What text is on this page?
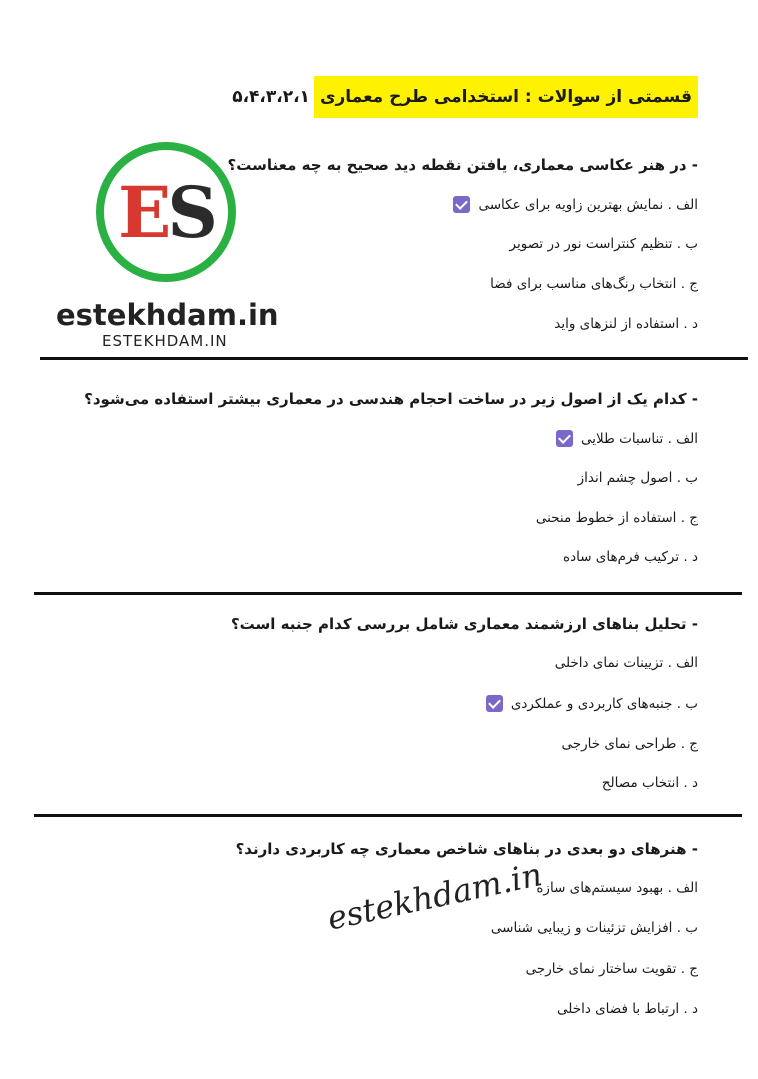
قسمتی از سوالات : استخدامی طرح معماری
۵،۴،۳،۲،۱
E S
estekhdam.in
ESTEKHDAM.IN
- در هنر عکاسی معماری، یافتن نقطه دید صحیح به چه معناست؟
الف . نمایش بهترین زاویه برای عکاسی
ب . تنظیم کنتراست نور در تصویر
ج . انتخاب رنگ‌های مناسب برای فضا
د . استفاده از لنزهای واید
- کدام یک از اصول زیر در ساخت احجام هندسی در معماری بیشتر استفاده می‌شود؟
الف . تناسبات طلایی
ب . اصول چشم انداز
ج . استفاده از خطوط منحنی
د . ترکیب فرم‌های ساده
- تحلیل بناهای ارزشمند معماری شامل بررسی کدام جنبه است؟
الف . تزیینات نمای داخلی
ب . جنبه‌های کاربردی و عملکردی
ج . طراحی نمای خارجی
د . انتخاب مصالح
- هنرهای دو بعدی در بناهای شاخص معماری چه کاربردی دارند؟
الف . بهبود سیستم‌های سازه
ب . افزایش تزئینات و زیبایی شناسی
ج . تقویت ساختار نمای خارجی
د . ارتباط با فضای داخلی
estekhdam.in
